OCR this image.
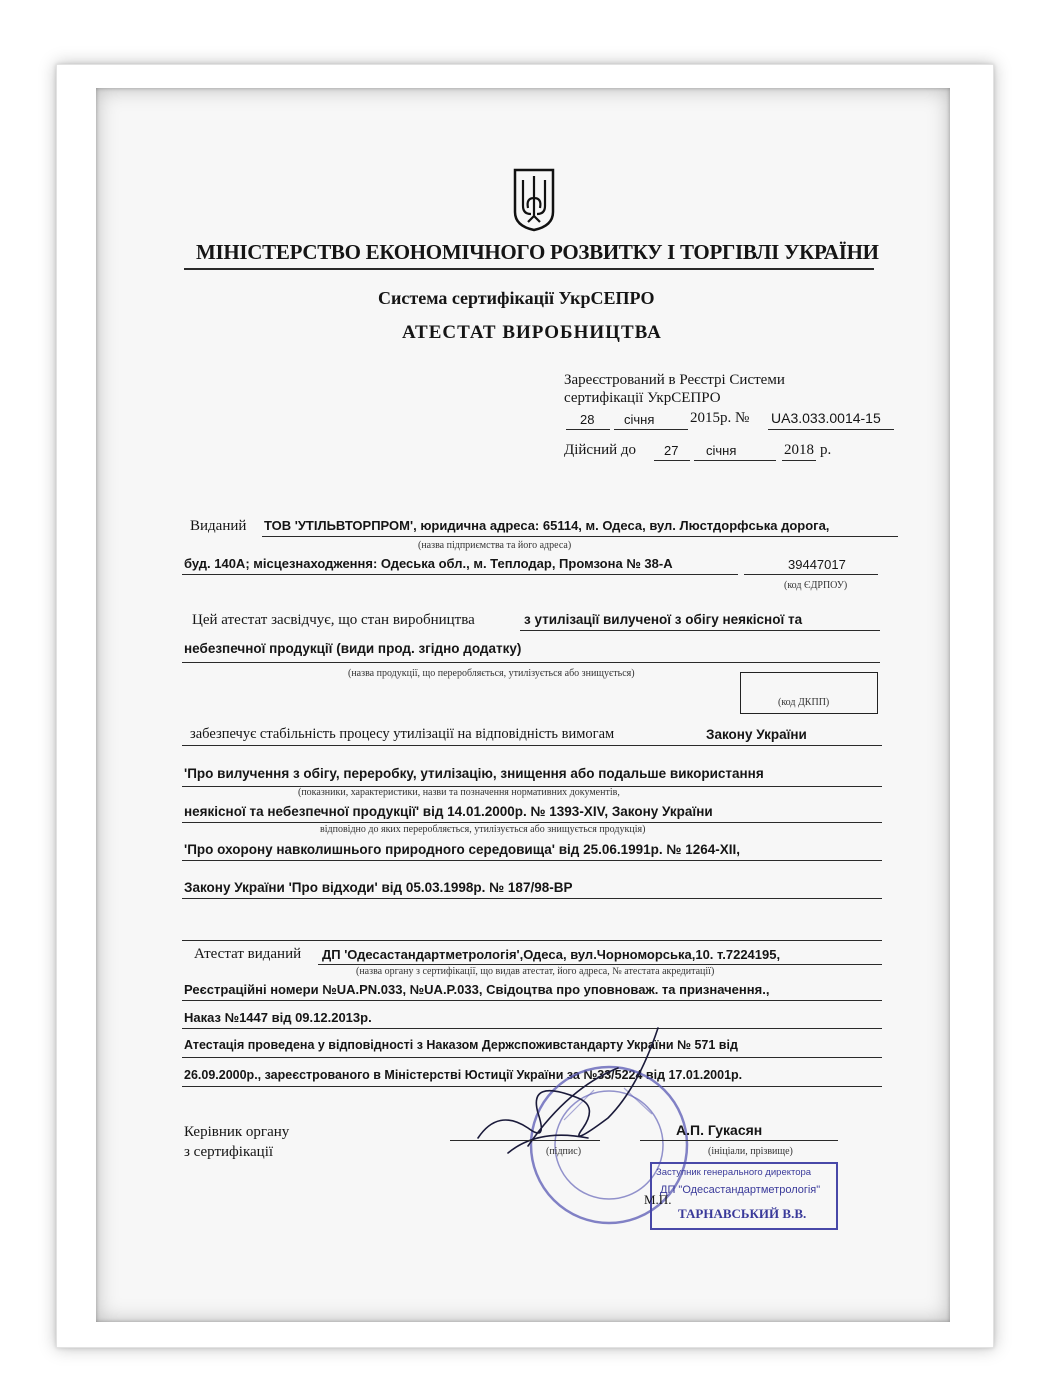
МІНІСТЕРСТВО ЕКОНОМІЧНОГО РОЗВИТКУ І ТОРГІВЛІ УКРАЇНИ
Система сертифікації УкрСЕПРО
АТЕСТАТ ВИРОБНИЦТВА
Зареєстрований в Реєстрі Системи
сертифікації УкрСЕПРО
28 січня 2015р. № UA3.033.0014-15
Дійсний до 27 січня	2018 р.
Виданий ТОВ 'УТІЛЬВТОРПРОМ', юридична адреса: 65114, м. Одеса, вул. Люстдорфська дорога,
(назва підприємства та його адреса)
буд. 140А; місцезнаходження: Одеська обл., м. Теплодар, Промзона № 38-А	39447017
(код ЄДРПОУ)
Цей атестат засвідчує, що стан виробництва	з утилізації вилученої з обігу неякісної та
небезпечної продукції (види прод. згідно додатку)
(назва продукції, що переробляється, утилізується або знищується)
(код ДКПП)
забезпечує стабільність процесу утилізації на відповідність вимогам	Закону України
'Про вилучення з обігу, переробку, утилізацію, знищення або подальше використання
(показники, характеристики, назви та позначення нормативних документів,
неякісної та небезпечної продукції' від 14.01.2000р. № 1393-XIV, Закону України
відповідно до яких переробляється, утилізується або знищується продукція)
'Про охорону навколишнього природного середовища' від 25.06.1991р. № 1264-XII,
Закону України 'Про відходи' від 05.03.1998р. № 187/98-ВР
Атестат виданий ДП 'Одесастандартметрологія',Одеса, вул.Чорноморська,10. т.7224195,
(назва органу з сертифікації, що видав атестат, його адреса, № атестата акредитації)
Реєстраційні номери №UA.PN.033, №UA.P.033, Свідоцтва про уповноваж. та призначення.,
Наказ №1447 від 09.12.2013р.
Атестація проведена у відповідності з Наказом Держспоживстандарту України № 571 від
26.09.2000р., зареєстрованого в Міністерстві Юстиції України за №33/5224 від 17.01.2001р.
Заступник генерального директора
ДП "Одесастандартметрологія"
ТАРНАВСЬКИЙ В.В.
Керівник органу
з сертифікації	(підпис)
А.П. Гукасян
(ініціали, прізвище)
М.П.
